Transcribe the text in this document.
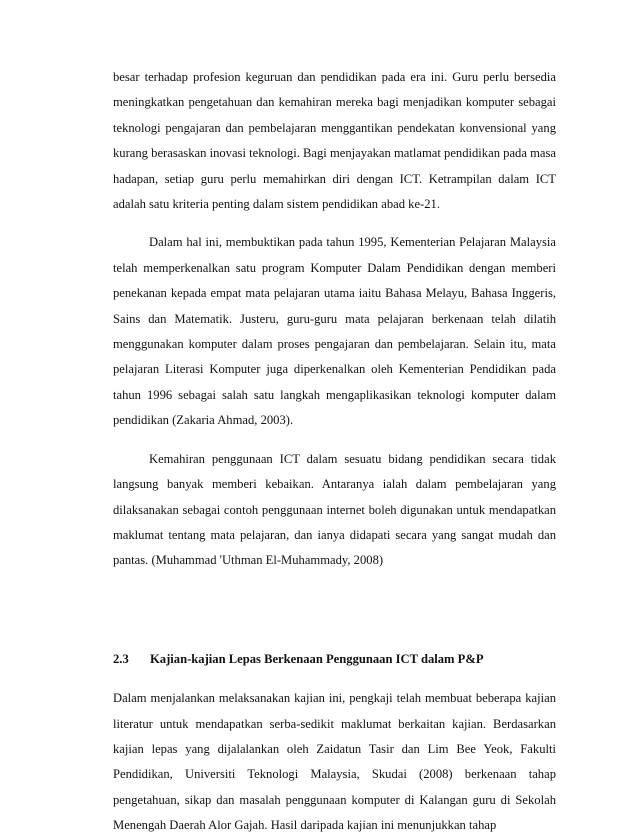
besar terhadap profesion keguruan dan pendidikan pada era ini. Guru perlu bersedia meningkatkan pengetahuan dan kemahiran mereka bagi menjadikan komputer sebagai teknologi pengajaran dan pembelajaran menggantikan pendekatan konvensional yang kurang berasaskan inovasi teknologi. Bagi menjayakan matlamat pendidikan pada masa hadapan, setiap guru perlu memahirkan diri dengan ICT. Ketrampilan dalam ICT adalah satu kriteria penting dalam sistem pendidikan abad ke-21.

Dalam hal ini, membuktikan pada tahun 1995, Kementerian Pelajaran Malaysia telah memperkenalkan satu program Komputer Dalam Pendidikan dengan memberi penekanan kepada empat mata pelajaran utama iaitu Bahasa Melayu, Bahasa Inggeris, Sains dan Matematik. Justeru, guru-guru mata pelajaran berkenaan telah dilatih menggunakan komputer dalam proses pengajaran dan pembelajaran. Selain itu, mata pelajaran Literasi Komputer juga diperkenalkan oleh Kementerian Pendidikan pada tahun 1996 sebagai salah satu langkah mengaplikasikan teknologi komputer dalam pendidikan (Zakaria Ahmad, 2003).

Kemahiran penggunaan ICT dalam sesuatu bidang pendidikan secara tidak langsung banyak memberi kebaikan. Antaranya ialah dalam pembelajaran yang dilaksanakan sebagai contoh penggunaan internet boleh digunakan untuk mendapatkan maklumat tentang mata pelajaran, dan ianya didapati secara yang sangat mudah dan pantas. (Muhammad 'Uthman El-Muhammady, 2008)

2.3	Kajian-kajian Lepas Berkenaan Penggunaan ICT dalam P&P

Dalam menjalankan melaksanakan kajian ini, pengkaji telah membuat beberapa kajian literatur untuk mendapatkan serba-sedikit maklumat berkaitan kajian. Berdasarkan kajian lepas yang dijalalankan oleh Zaidatun Tasir dan Lim Bee Yeok, Fakulti Pendidikan, Universiti Teknologi Malaysia, Skudai (2008) berkenaan tahap pengetahuan, sikap dan masalah penggunaan komputer di Kalangan guru di Sekolah Menengah Daerah Alor Gajah. Hasil daripada kajian ini menunjukkan tahap
